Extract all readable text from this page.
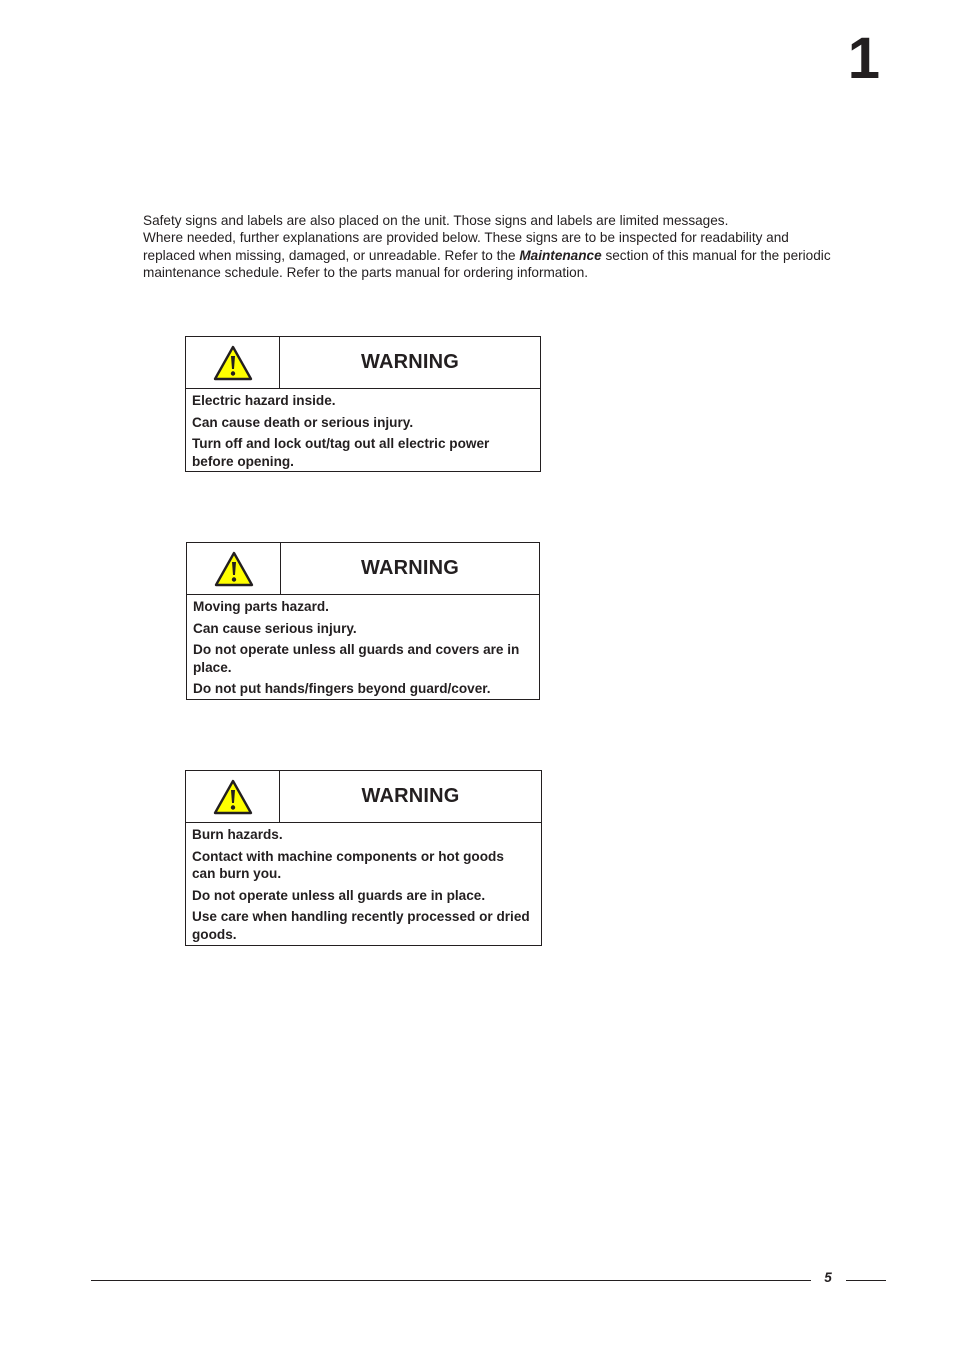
1

Safety signs and labels are also placed on the unit. Those signs and labels are limited messages.

Where needed, further explanations are provided below. These signs are to be inspected for readability and replaced when missing, damaged, or unreadable. Refer to the Maintenance section of this manual for the periodic maintenance schedule. Refer to the parts manual for ordering information.

WARNING
Electric hazard inside.
Can cause death or serious injury.
Turn off and lock out/tag out all electric power before opening.
WARNING
Moving parts hazard.
Can cause serious injury.
Do not operate unless all guards and covers are in place.
Do not put hands/fingers beyond guard/cover.
WARNING
Burn hazards.
Contact with machine components or hot goods can burn you.
Do not operate unless all guards are in place.
Use care when handling recently processed or dried goods.
5
